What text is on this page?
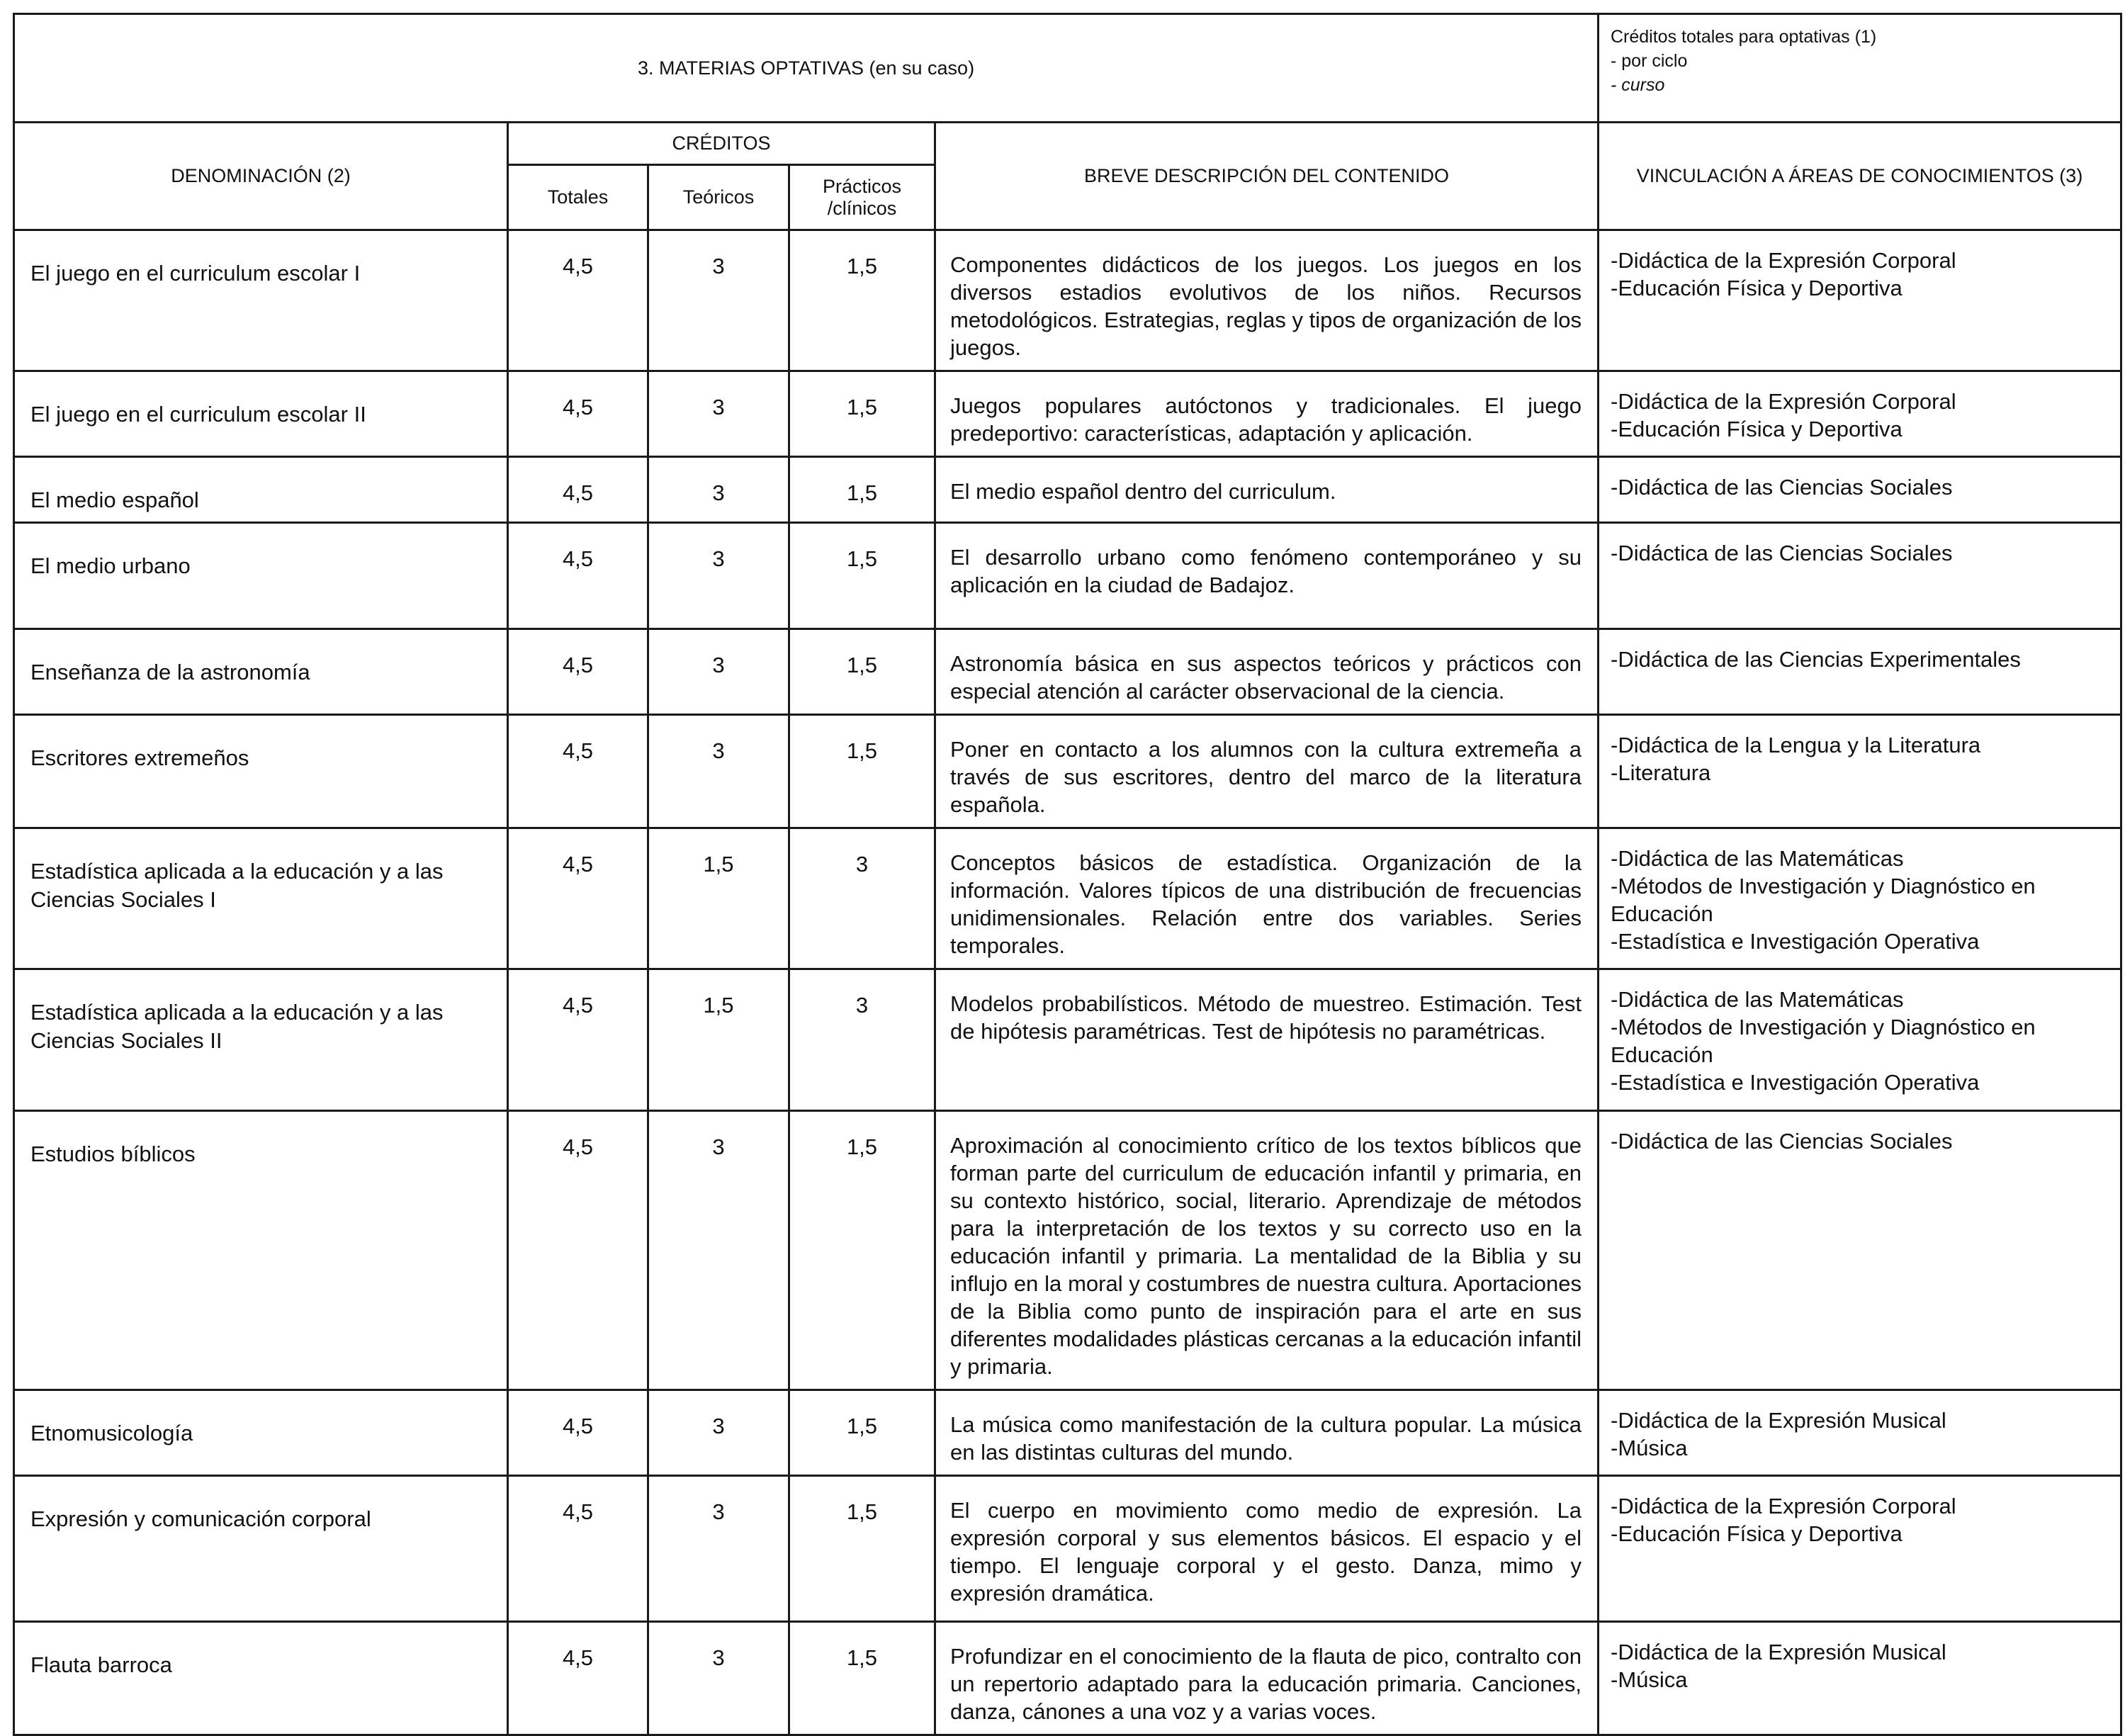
3. MATERIAS OPTATIVAS (en su caso)					Créditos totales para optativas (1)
- por ciclo
- curso

DENOMINACIÓN (2)	CRÉDITOS			BREVE DESCRIPCIÓN DEL CONTENIDO	VINCULACIÓN A ÁREAS DE CONOCIMIENTOS (3)
	Totales	Teóricos	Prácticos /clínicos		
El juego en el curriculum escolar I	4,5	3	1,5	Componentes didácticos de los juegos. Los juegos en los diversos estadios evolutivos de los niños. Recursos metodológicos. Estrategias, reglas y tipos de organización de los juegos.	-Didáctica de la Expresión Corporal
-Educación Física y Deportiva

El juego en el curriculum escolar II	4,5	3	1,5	Juegos populares autóctonos y tradicionales. El juego predeportivo: características, adaptación y aplicación.	-Didáctica de la Expresión Corporal
-Educación Física y Deportiva

El medio español	4,5	3	1,5	El medio español dentro del curriculum.	-Didáctica de las Ciencias Sociales

El medio urbano	4,5	3	1,5	El desarrollo urbano como fenómeno contemporáneo y su aplicación en la ciudad de Badajoz.	-Didáctica de las Ciencias Sociales

Enseñanza de la astronomía	4,5	3	1,5	Astronomía básica en sus aspectos teóricos y prácticos con especial atención al carácter observacional de la ciencia.	-Didáctica de las Ciencias Experimentales

Escritores extremeños	4,5	3	1,5	Poner en contacto a los alumnos con la cultura extremeña a través de sus escritores, dentro del marco de la literatura española.	-Didáctica de la Lengua y la Literatura
-Literatura

Estadística aplicada a la educación y a las Ciencias Sociales I	4,5	1,5	3	Conceptos básicos de estadística. Organización de la información. Valores típicos de una distribución de frecuencias unidimensionales. Relación entre dos variables. Series temporales.	-Didáctica de las Matemáticas
-Métodos de Investigación y Diagnóstico en Educación
-Estadística e Investigación Operativa

Estadística aplicada a la educación y a las Ciencias Sociales II	4,5	1,5	3	Modelos probabilísticos. Método de muestreo. Estimación. Test de hipótesis paramétricas. Test de hipótesis no paramétricas.	-Didáctica de las Matemáticas
-Métodos de Investigación y Diagnóstico en Educación
-Estadística e Investigación Operativa

Estudios bíblicos	4,5	3	1,5	Aproximación al conocimiento crítico de los textos bíblicos que forman parte del curriculum de educación infantil y primaria, en su contexto histórico, social, literario. Aprendizaje de métodos para la interpretación de los textos y su correcto uso en la educación infantil y primaria. La mentalidad de la Biblia y su influjo en la moral y costumbres de nuestra cultura. Aportaciones de la Biblia como punto de inspiración para el arte en sus diferentes modalidades plásticas cercanas a la educación infantil y primaria.	-Didáctica de las Ciencias Sociales

Etnomusicología	4,5	3	1,5	La música como manifestación de la cultura popular. La música en las distintas culturas del mundo.	-Didáctica de la Expresión Musical
-Música

Expresión y comunicación corporal	4,5	3	1,5	El cuerpo en movimiento como medio de expresión. La expresión corporal y sus elementos básicos. El espacio y el tiempo. El lenguaje corporal y el gesto. Danza, mimo y expresión dramática.	-Didáctica de la Expresión Corporal
-Educación Física y Deportiva

Flauta barroca	4,5	3	1,5	Profundizar en el conocimiento de la flauta de pico, contralto con un repertorio adaptado para la educación primaria. Canciones, danza, cánones a una voz y a varias voces.	-Didáctica de la Expresión Musical
-Música
